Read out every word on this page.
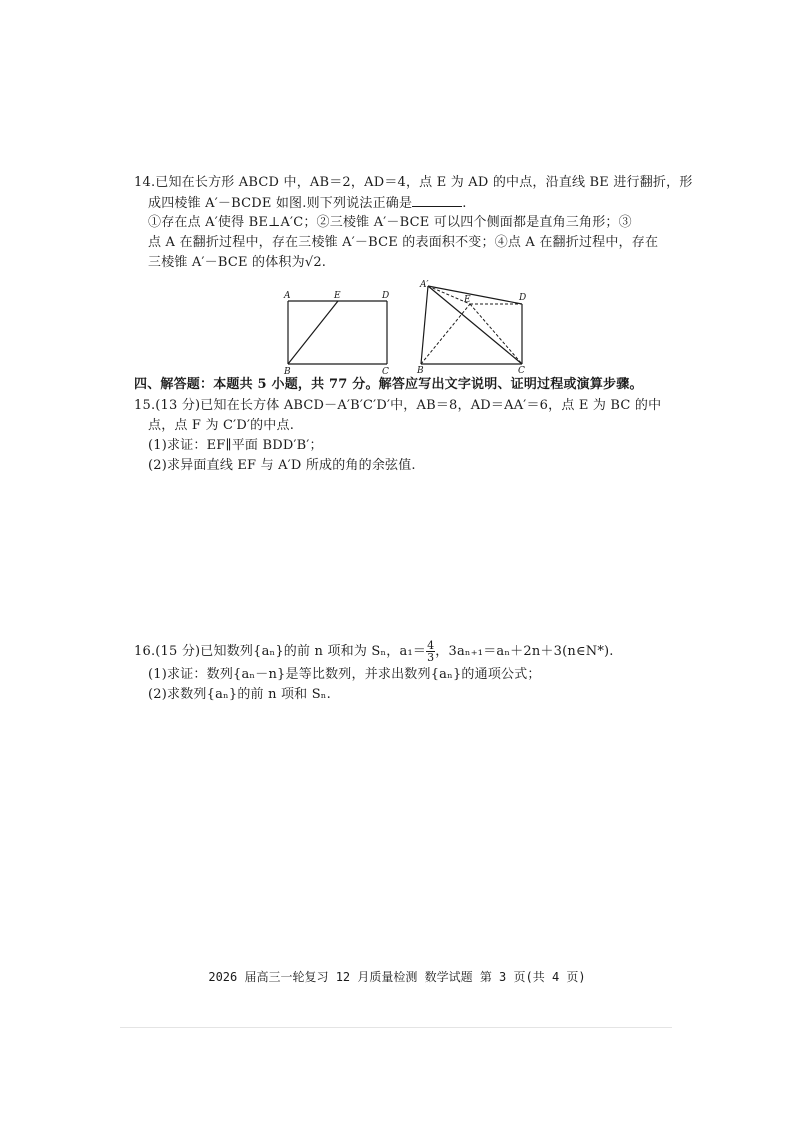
14.已知在长方形 ABCD 中，AB＝2，AD＝4，点 E 为 AD 的中点，沿直线 BE 进行翻折，形
成四棱锥 A′－BCDE 如图.则下列说法正确是	.
①存在点 A′使得 BE⊥A′C；②三棱锥 A′－BCE 可以四个侧面都是直角三角形；③
点 A 在翻折过程中，存在三棱锥 A′－BCE 的表面积不变；④点 A 在翻折过程中，存在
三棱锥 A′－BCE 的体积为√2.
A	E	D
B	C
A′
E	D
B	C
四、解答题：本题共 5 小题，共 77 分。解答应写出文字说明、证明过程或演算步骤。
15.(13 分)已知在长方体 ABCD－A′B′C′D′中，AB＝8，AD＝AA′＝6，点 E 为 BC 的中
点，点 F 为 C′D′的中点.
(1)求证：EF∥平面 BDD′B′；
(2)求异面直线 EF 与 A′D 所成的角的余弦值.
16.(15 分)已知数列{aₙ}的前 n 项和为 Sₙ，$a_1= \frac{4}{3}$ ，3aₙ₊₁＝aₙ＋2n＋3(n∈N*).
(1)求证：数列{aₙ－n}是等比数列，并求出数列{aₙ}的通项公式；
(2)求数列{aₙ}的前 n 项和 Sₙ.
2026 届高三一轮复习 12 月质量检测 数学试题 第 3 页(共 4 页)
